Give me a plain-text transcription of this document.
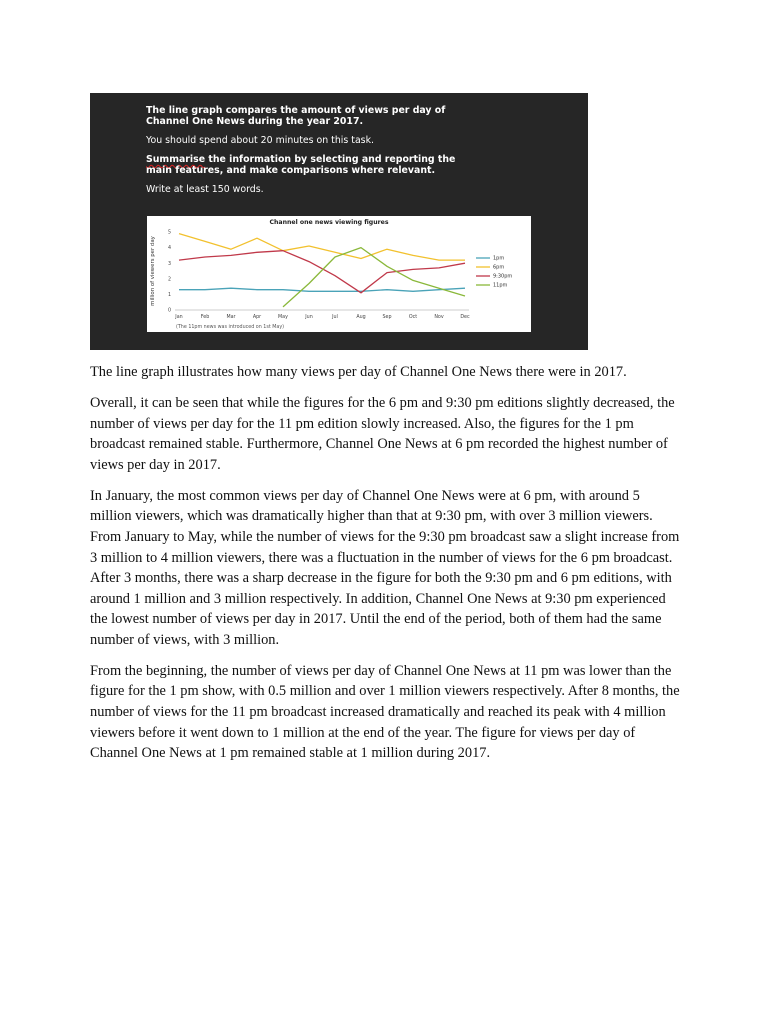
The line graph compares the amount of views per day of
Channel One News during the year 2017.
You should spend about 20 minutes on this task.
Summarise the information by selecting and reporting the
main features, and make comparisons where relevant.
Write at least 150 words.
Channel one news viewing figures
million of viewers per day
(The 11pm news was introduced on 1st May)
0
1
2
3
4
5
Jan	Feb	Mar	Apr	May	Jun	Jul	Aug	Sep	Oct	Nov	Dec
1pm
6pm
9:30pm
11pm

The line graph illustrates how many views per day of Channel One News there were in 2017.

Overall, it can be seen that while the figures for the 6 pm and 9:30 pm editions slightly decreased, the number of views per day for the 11 pm edition slowly increased. Also, the figures for the 1 pm broadcast remained stable. Furthermore, Channel One News at 6 pm recorded the highest number of views per day in 2017.

In January, the most common views per day of Channel One News were at 6 pm, with around 5 million viewers, which was dramatically higher than that at 9:30 pm, with over 3 million viewers. From January to May, while the number of views for the 9:30 pm broadcast saw a slight increase from 3 million to 4 million viewers, there was a fluctuation in the number of views for the 6 pm broadcast. After 3 months, there was a sharp decrease in the figure for both the 9:30 pm and 6 pm editions, with around 1 million and 3 million respectively. In addition, Channel One News at 9:30 pm experienced the lowest number of views per day in 2017. Until the end of the period, both of them had the same number of views, with 3 million.

From the beginning, the number of views per day of Channel One News at 11 pm was lower than the figure for the 1 pm show, with 0.5 million and over 1 million viewers respectively. After 8 months, the number of views for the 11 pm broadcast increased dramatically and reached its peak with 4 million viewers before it went down to 1 million at the end of the year. The figure for views per day of Channel One News at 1 pm remained stable at 1 million during 2017.
